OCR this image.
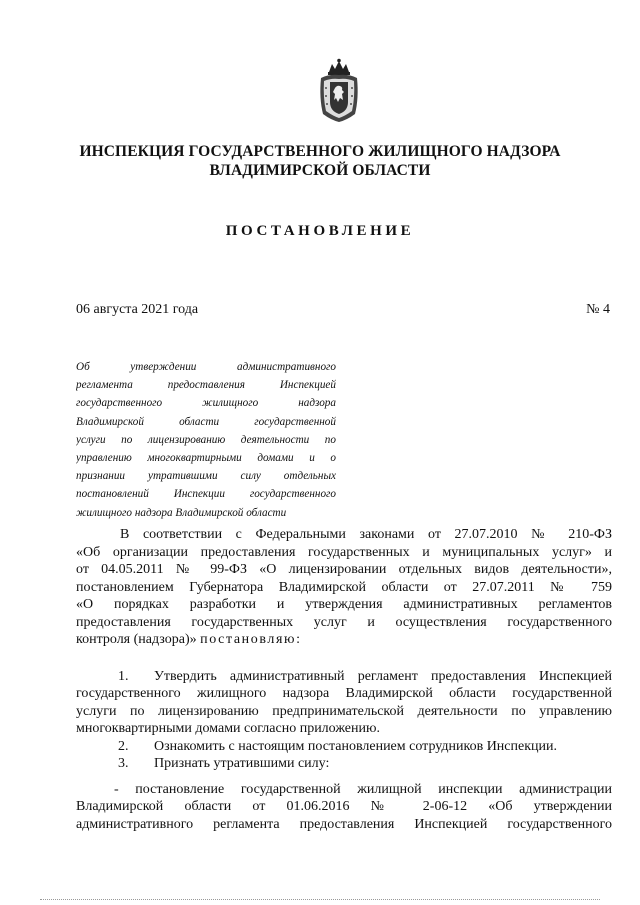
ИНСПЕКЦИЯ ГОСУДАРСТВЕННОГО ЖИЛИЩНОГО НАДЗОРА
ВЛАДИМИРСКОЙ ОБЛАСТИ
ПОСТАНОВЛЕНИЕ
06 августа 2021 года	№ 4
Об утверждении административного
регламента предоставления Инспекцией
государственного жилищного надзора
Владимирской области государственной
услуги по лицензированию деятельности по
управлению многоквартирными домами и о
признании утратившими силу отдельных
постановлений Инспекции государственного
жилищного надзора Владимирской области
В соответствии с Федеральными законами от 27.07.2010 № 210-ФЗ
«Об организации предоставления государственных и муниципальных услуг» и
от 04.05.2011 № 99-ФЗ «О лицензировании отдельных видов деятельности»,
постановлением Губернатора Владимирской области от 27.07.2011 № 759
«О порядках разработки и утверждения административных регламентов
предоставления государственных услуг и осуществления государственного
контроля (надзора)» постановляю:
1. Утвердить административный регламент предоставления Инспекцией
государственного жилищного надзора Владимирской области государственной
услуги по лицензированию предпринимательской деятельности по управлению
многоквартирными домами согласно приложению.
2. Ознакомить с настоящим постановлением сотрудников Инспекции.
3. Признать утратившими силу:
- постановление государственной жилищной инспекции администрации
Владимирской области от 01.06.2016 № 2-06-12 «Об утверждении
административного регламента предоставления Инспекцией государственного
